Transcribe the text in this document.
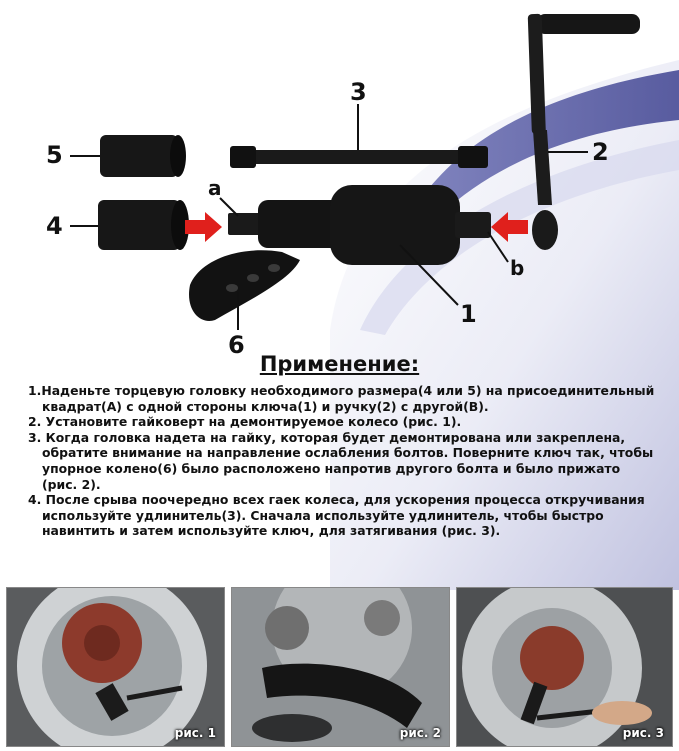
3
2
5
4
a
b
1
6
Применение:
1.Наденьте торцевую головку необходимого размера(4 или 5) на присоединительный квадрат(А) с одной стороны ключа(1) и ручку(2) с другой(В).
2. Установите гайковерт на демонтируемое колесо (рис. 1).
3. Когда головка надета на гайку, которая будет демонтирована или закреплена, обратите внимание на направление ослабления болтов. Поверните ключ так, чтобы упорное колено(6) было расположено напротив другого болта и было прижато (рис. 2).
4. После срыва поочередно всех гаек колеса, для ускорения процесса откручивания используйте удлинитель(3). Сначала используйте удлинитель, чтобы быстро навинтить и затем используйте ключ, для затягивания (рис. 3).
рис. 1	рис. 2	рис. 3
